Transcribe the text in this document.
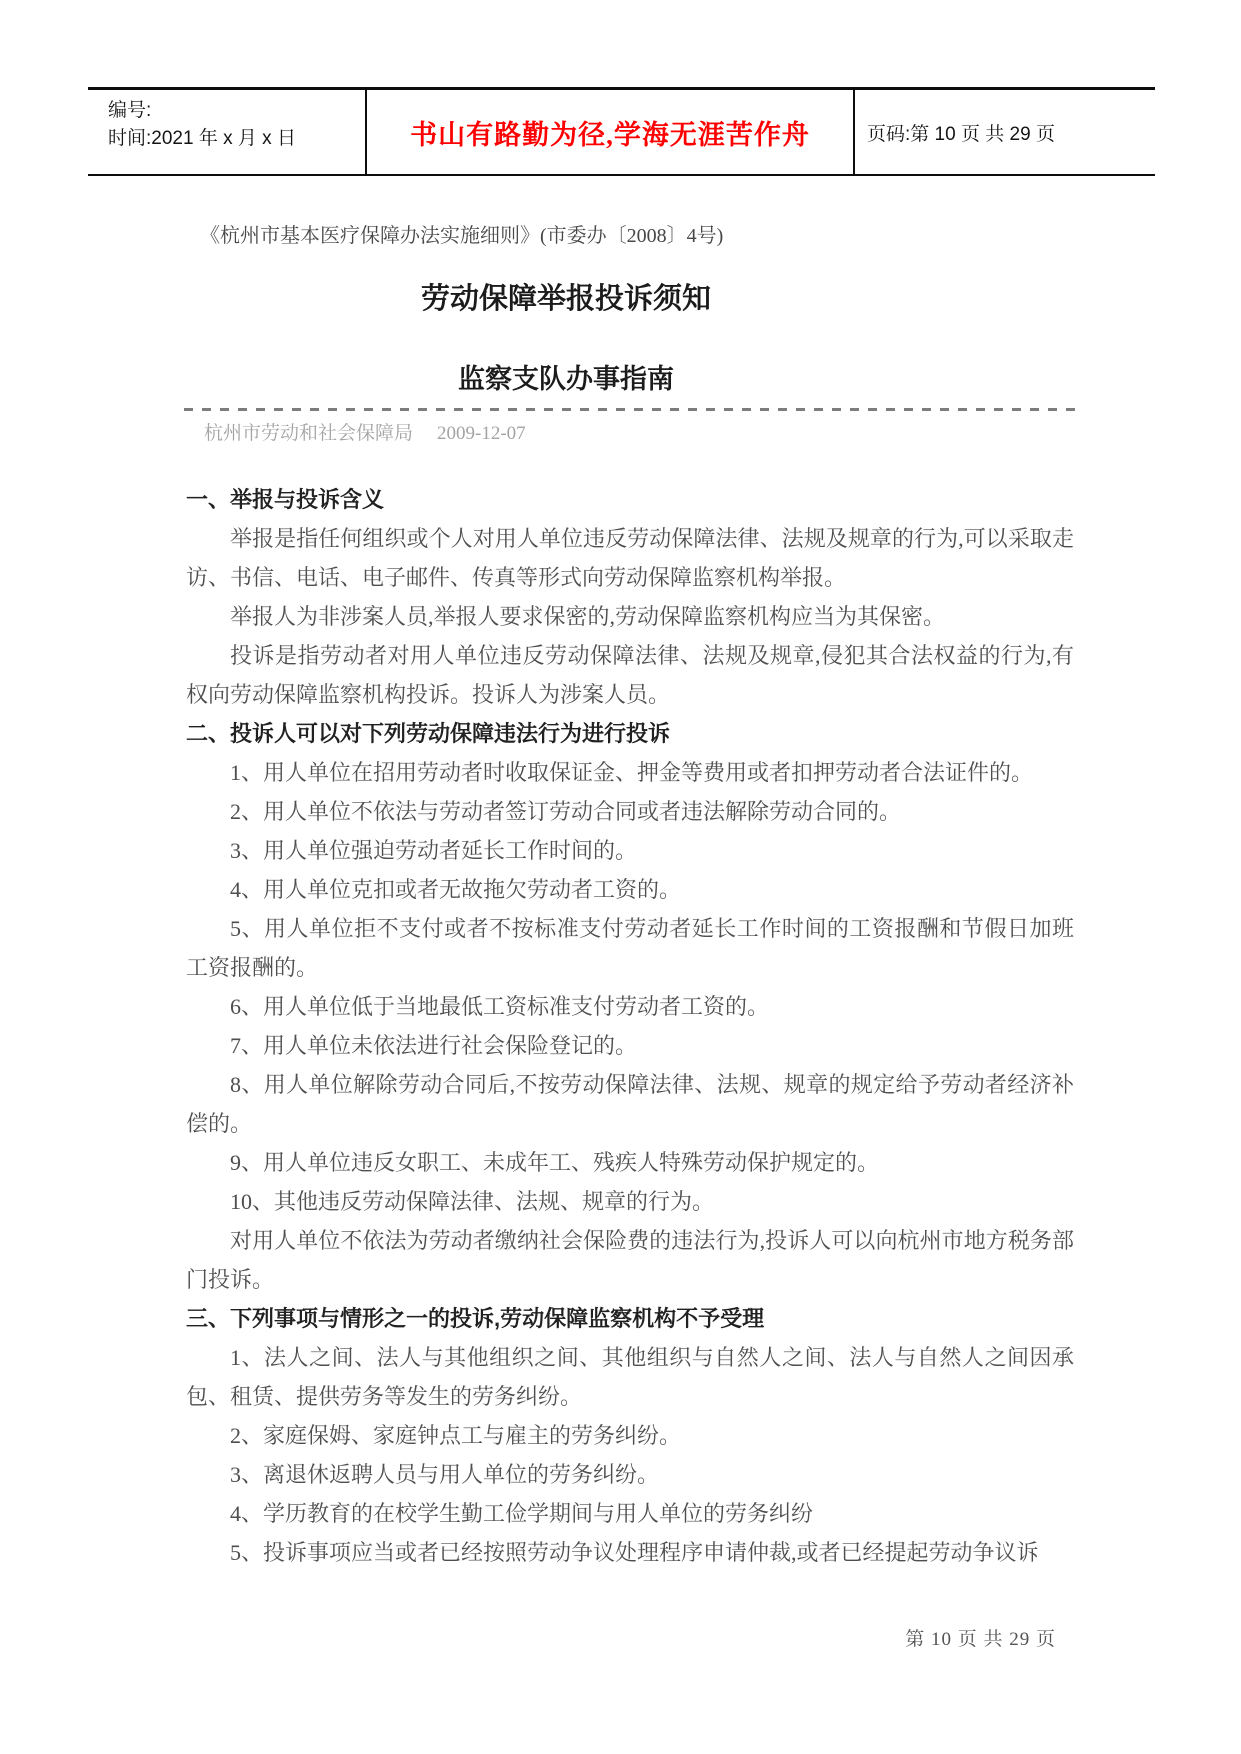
编号:
时间:2021 年 x 月 x 日	书山有路勤为径,学海无涯苦作舟	页码:第 10 页 共 29 页
《杭州市基本医疗保障办法实施细则》(市委办〔2008〕4号)
劳动保障举报投诉须知
监察支队办事指南
杭州市劳动和社会保障局 2009-12-07

一、举报与投诉含义

举报是指任何组织或个人对用人单位违反劳动保障法律、法规及规章的行为,可以采取走访、书信、电话、电子邮件、传真等形式向劳动保障监察机构举报。

举报人为非涉案人员,举报人要求保密的,劳动保障监察机构应当为其保密。

投诉是指劳动者对用人单位违反劳动保障法律、法规及规章,侵犯其合法权益的行为,有权向劳动保障监察机构投诉。投诉人为涉案人员。

二、投诉人可以对下列劳动保障违法行为进行投诉

1、用人单位在招用劳动者时收取保证金、押金等费用或者扣押劳动者合法证件的。

2、用人单位不依法与劳动者签订劳动合同或者违法解除劳动合同的。

3、用人单位强迫劳动者延长工作时间的。

4、用人单位克扣或者无故拖欠劳动者工资的。

5、用人单位拒不支付或者不按标准支付劳动者延长工作时间的工资报酬和节假日加班工资报酬的。

6、用人单位低于当地最低工资标准支付劳动者工资的。

7、用人单位未依法进行社会保险登记的。

8、用人单位解除劳动合同后,不按劳动保障法律、法规、规章的规定给予劳动者经济补偿的。

9、用人单位违反女职工、未成年工、残疾人特殊劳动保护规定的。

10、其他违反劳动保障法律、法规、规章的行为。

对用人单位不依法为劳动者缴纳社会保险费的违法行为,投诉人可以向杭州市地方税务部门投诉。

三、下列事项与情形之一的投诉,劳动保障监察机构不予受理

1、法人之间、法人与其他组织之间、其他组织与自然人之间、法人与自然人之间因承包、租赁、提供劳务等发生的劳务纠纷。

2、家庭保姆、家庭钟点工与雇主的劳务纠纷。

3、离退休返聘人员与用人单位的劳务纠纷。

4、学历教育的在校学生勤工俭学期间与用人单位的劳务纠纷

5、投诉事项应当或者已经按照劳动争议处理程序申请仲裁,或者已经提起劳动争议诉

第 10 页 共 29 页
